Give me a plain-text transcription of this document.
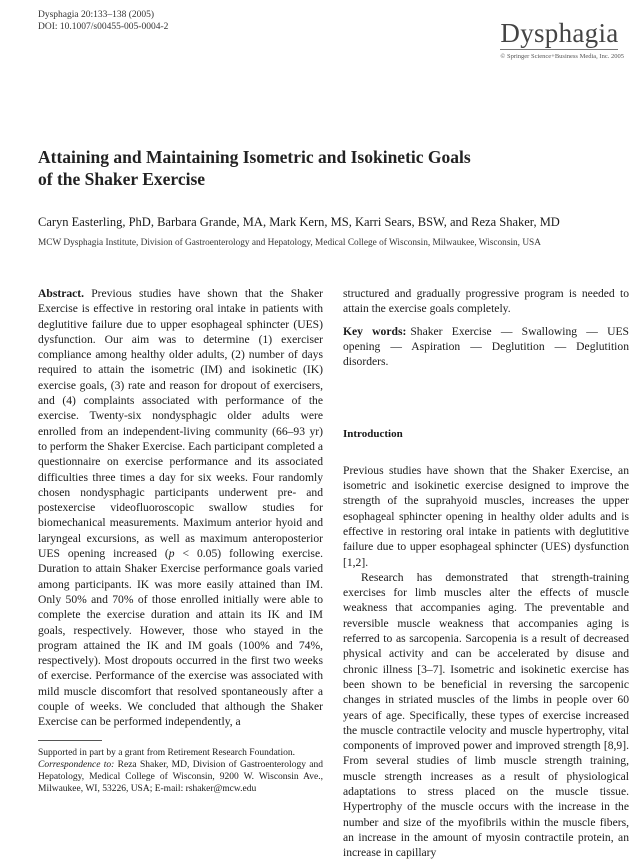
Dysphagia 20:133–138 (2005)
DOI: 10.1007/s00455-005-0004-2	Dysphagia
© Springer Science+Business Media, Inc. 2005
Attaining and Maintaining Isometric and Isokinetic Goals
of the Shaker Exercise
Caryn Easterling, PhD, Barbara Grande, MA, Mark Kern, MS, Karri Sears, BSW, and Reza Shaker, MD
MCW Dysphagia Institute, Division of Gastroenterology and Hepatology, Medical College of Wisconsin, Milwaukee, Wisconsin, USA

Abstract. Previous studies have shown that the Shaker Exercise is effective in restoring oral intake in patients with deglutitive failure due to upper esophageal sphincter (UES) dysfunction. Our aim was to determine (1) exerciser compliance among healthy older adults, (2) number of days required to attain the isometric (IM) and isokinetic (IK) exercise goals, (3) rate and reason for dropout of exercisers, and (4) complaints associated with performance of the exercise. Twenty-six nondysphagic older adults were enrolled from an independent-living community (66–93 yr) to perform the Shaker Exercise. Each participant completed a questionnaire on exercise performance and its associated difficulties three times a day for six weeks. Four randomly chosen nondysphagic participants underwent pre- and postexercise videofluoroscopic swallow studies for biomechanical measurements. Maximum anterior hyoid and laryngeal excursions, as well as maximum anteroposterior UES opening increased (p < 0.05) following exercise. Duration to attain Shaker Exercise performance goals varied among participants. IK was more easily attained than IM. Only 50% and 70% of those enrolled initially were able to complete the exercise duration and attain its IK and IM goals, respectively. However, those who stayed in the program attained the IK and IM goals (100% and 74%, respectively). Most dropouts occurred in the first two weeks of exercise. Performance of the exercise was associated with mild muscle discomfort that resolved spontaneously after a couple of weeks. We concluded that although the Shaker Exercise can be performed independently, a

Supported in part by a grant from Retirement Research Foundation.

Correspondence to: Reza Shaker, MD, Division of Gastroenterology and Hepatology, Medical College of Wisconsin, 9200 W. Wisconsin Ave., Milwaukee, WI, 53226, USA; E-mail: rshaker@mcw.edu

structured and gradually progressive program is needed to attain the exercise goals completely.

Key words: Shaker Exercise — Swallowing — UES opening — Aspiration — Deglutition — Deglutition disorders.

Introduction

Previous studies have shown that the Shaker Exercise, an isometric and isokinetic exercise designed to improve the strength of the suprahyoid muscles, increases the upper esophageal sphincter opening in healthy older adults and is effective in restoring oral intake in patients with deglutitive failure due to upper esophageal sphincter (UES) dysfunction [1,2].

Research has demonstrated that strength-training exercises for limb muscles alter the effects of muscle weakness that accompanies aging. The preventable and reversible muscle weakness that accompanies aging is referred to as sarcopenia. Sarcopenia is a result of decreased physical activity and can be accelerated by disuse and chronic illness [3–7]. Isometric and isokinetic exercise has been shown to be beneficial in reversing the sarcopenic changes in striated muscles of the limbs in people over 60 years of age. Specifically, these types of exercise increased the muscle contractile velocity and muscle hypertrophy, vital components of improved power and improved strength [8,9]. From several studies of limb muscle strength training, muscle strength increases as a result of physiological adaptations to stress placed on the muscle tissue. Hypertrophy of the muscle occurs with the increase in the number and size of the myofibrils within the muscle fibers, an increase in the amount of myosin contractile protein, an increase in capillary
